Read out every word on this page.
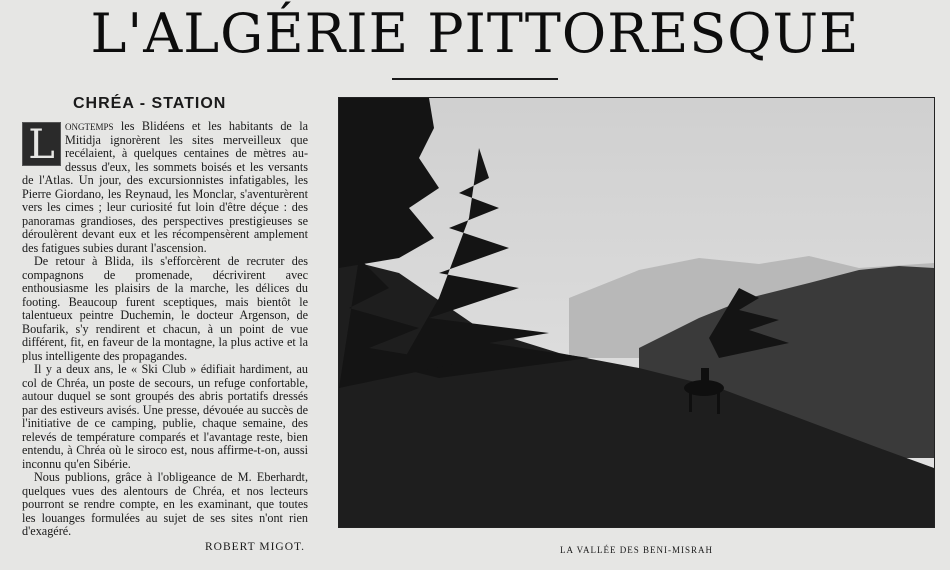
L'ALGÉRIE PITTORESQUE
CHRÉA - STATION

L ongtemps les Blidéens et les habitants de la Mitidja ignorèrent les sites merveilleux que recélaient, à quelques centaines de mètres au-dessus d'eux, les sommets boisés et les versants de l'Atlas. Un jour, des excursionnistes infatigables, les Pierre Giordano, les Reynaud, les Monclar, s'aventurèrent vers les cimes ; leur curiosité fut loin d'être déçue : des panoramas grandioses, des perspectives prestigieuses se déroulèrent devant eux et les récompensèrent amplement des fatigues subies durant l'ascension.

De retour à Blida, ils s'efforcèrent de recruter des compagnons de promenade, décrivirent avec enthousiasme les plaisirs de la marche, les délices du footing. Beaucoup furent sceptiques, mais bientôt le talentueux peintre Duchemin, le docteur Argenson, de Boufarik, s'y rendirent et chacun, à un point de vue différent, fit, en faveur de la montagne, la plus active et la plus intelligente des propagandes.

Il y a deux ans, le « Ski Club » édifiait hardiment, au col de Chréa, un poste de secours, un refuge confortable, autour duquel se sont groupés des abris portatifs dressés par des estiveurs avisés. Une presse, dévouée au succès de l'initiative de ce camping, publie, chaque semaine, des relevés de température comparés et l'avantage reste, bien entendu, à Chréa où le siroco est, nous affirme-t-on, aussi inconnu qu'en Sibérie.

Nous publions, grâce à l'obligeance de M. Eberhardt, quelques vues des alentours de Chréa, et nos lecteurs pourront se rendre compte, en les examinant, que toutes les louanges formulées au sujet de ses sites n'ont rien d'exagéré.

ROBERT MIGOT.	LA VALLÉE DES BENI-MISRAH
